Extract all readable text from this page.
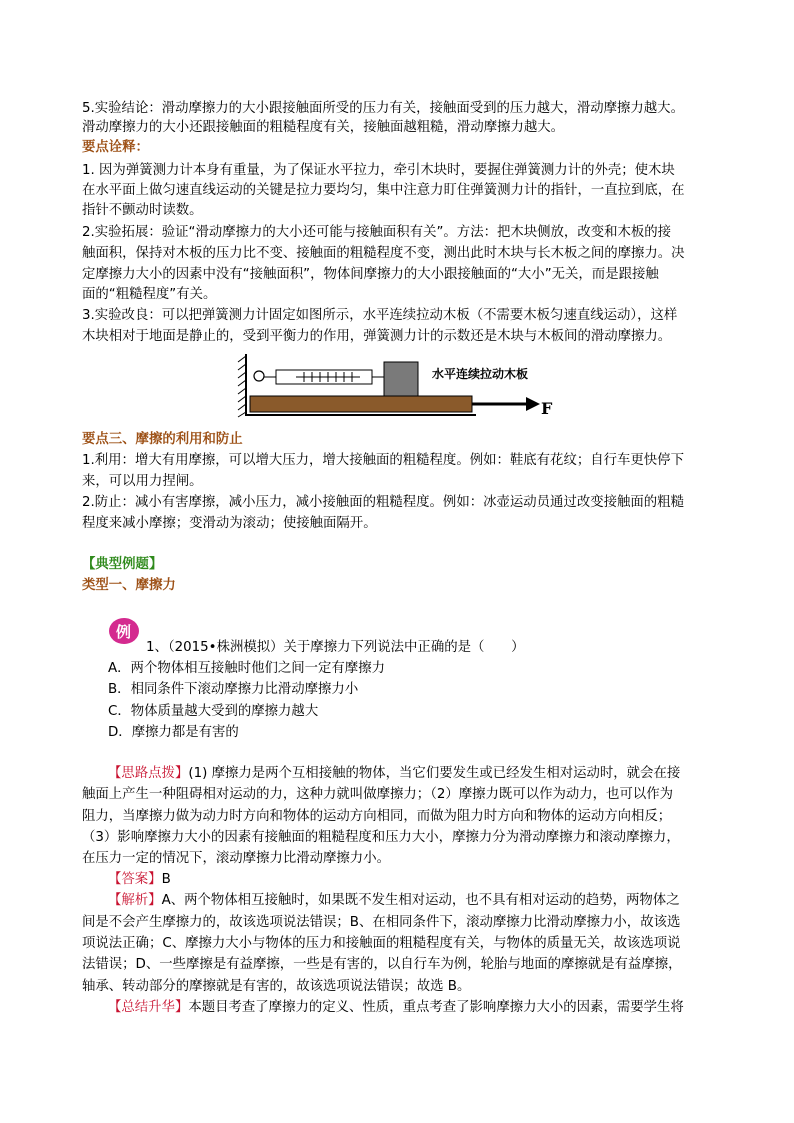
5.实验结论：滑动摩擦力的大小跟接触面所受的压力有关，接触面受到的压力越大，滑动摩擦力越大。
滑动摩擦力的大小还跟接触面的粗糙程度有关，接触面越粗糙，滑动摩擦力越大。
要点诠释：
1. 因为弹簧测力计本身有重量，为了保证水平拉力，牵引木块时，要握住弹簧测力计的外壳；使木块
在水平面上做匀速直线运动的关键是拉力要均匀，集中注意力盯住弹簧测力计的指针，一直拉到底，在
指针不颤动时读数。
2.实验拓展：验证“滑动摩擦力的大小还可能与接触面积有关”。方法：把木块侧放，改变和木板的接
触面积，保持对木板的压力比不变、接触面的粗糙程度不变，测出此时木块与长木板之间的摩擦力。决
定摩擦力大小的因素中没有“接触面积”，物体间摩擦力的大小跟接触面的“大小”无关，而是跟接触
面的“粗糙程度”有关。
3.实验改良：可以把弹簧测力计固定如图所示，水平连续拉动木板（不需要木板匀速直线运动），这样
木块相对于地面是静止的，受到平衡力的作用，弹簧测力计的示数还是木块与木板间的滑动摩擦力。
F
水平连续拉动木板
要点三、摩擦的利用和防止
1.利用：增大有用摩擦，可以增大压力，增大接触面的粗糙程度。例如：鞋底有花纹；自行车更快停下
来，可以用力捏闸。
2.防止：减小有害摩擦，减小压力，减小接触面的粗糙程度。例如：冰壶运动员通过改变接触面的粗糙
程度来减小摩擦；变滑动为滚动；使接触面隔开。
【典型例题】
类型一、摩擦力
例
1、（2015•株洲模拟）关于摩擦力下列说法中正确的是（　　）
A．两个物体相互接触时他们之间一定有摩擦力
B．相同条件下滚动摩擦力比滑动摩擦力小
C．物体质量越大受到的摩擦力越大
D．摩擦力都是有害的
【思路点拨】(1) 摩擦力是两个互相接触的物体，当它们要发生或已经发生相对运动时，就会在接
触面上产生一种阻碍相对运动的力，这种力就叫做摩擦力；（2）摩擦力既可以作为动力，也可以作为
阻力，当摩擦力做为动力时方向和物体的运动方向相同，而做为阻力时方向和物体的运动方向相反；
（3）影响摩擦力大小的因素有接触面的粗糙程度和压力大小，摩擦力分为滑动摩擦力和滚动摩擦力，
在压力一定的情况下，滚动摩擦力比滑动摩擦力小。
【答案】B
【解析】A、两个物体相互接触时，如果既不发生相对运动，也不具有相对运动的趋势，两物体之
间是不会产生摩擦力的，故该选项说法错误；B、在相同条件下，滚动摩擦力比滑动摩擦力小，故该选
项说法正确；C、摩擦力大小与物体的压力和接触面的粗糙程度有关，与物体的质量无关，故该选项说
法错误；D、一些摩擦是有益摩擦，一些是有害的，以自行车为例，轮胎与地面的摩擦就是有益摩擦，
轴承、转动部分的摩擦就是有害的，故该选项说法错误；故选 B。
【总结升华】本题目考查了摩擦力的定义、性质，重点考查了影响摩擦力大小的因素，需要学生将
